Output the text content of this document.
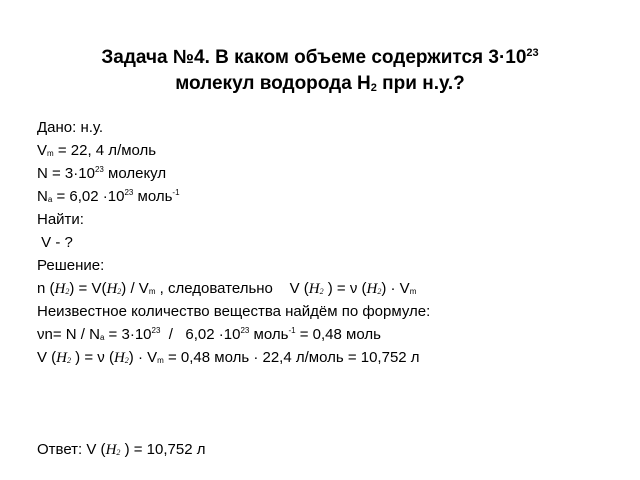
Задача №4. В каком объеме содержится $3\cdot 10^{23}$
молекул водорода $Н_2$ при н.у.?
Дано: н.у.
$V_m = 22$, 4 л/моль
$N = 3\cdot 10^{23}$ молекул
$N_a = 6,02 \cdot 10^{23}$ моль$^{-1}$
Найти:
V - ?
Решение:
n $(H_2) = V(H_2) / V_m$ , следовательно    V ($H_2$ ) = ν $(H_2) \cdot V_m$
Неизвестное количество вещества найдём по формуле:
$\nu n= N / N_a = 3\cdot 10^{23} / 6,02 \cdot 10^{23}$ моль$^{-1}$ = 0,48 моль
V ($H_2$ ) = ν $(H_2) \cdot V_m = 0,48$ моль · 22,4 л/моль = 10,752 л
Ответ: V ($H_2$ ) = 10,752 л
